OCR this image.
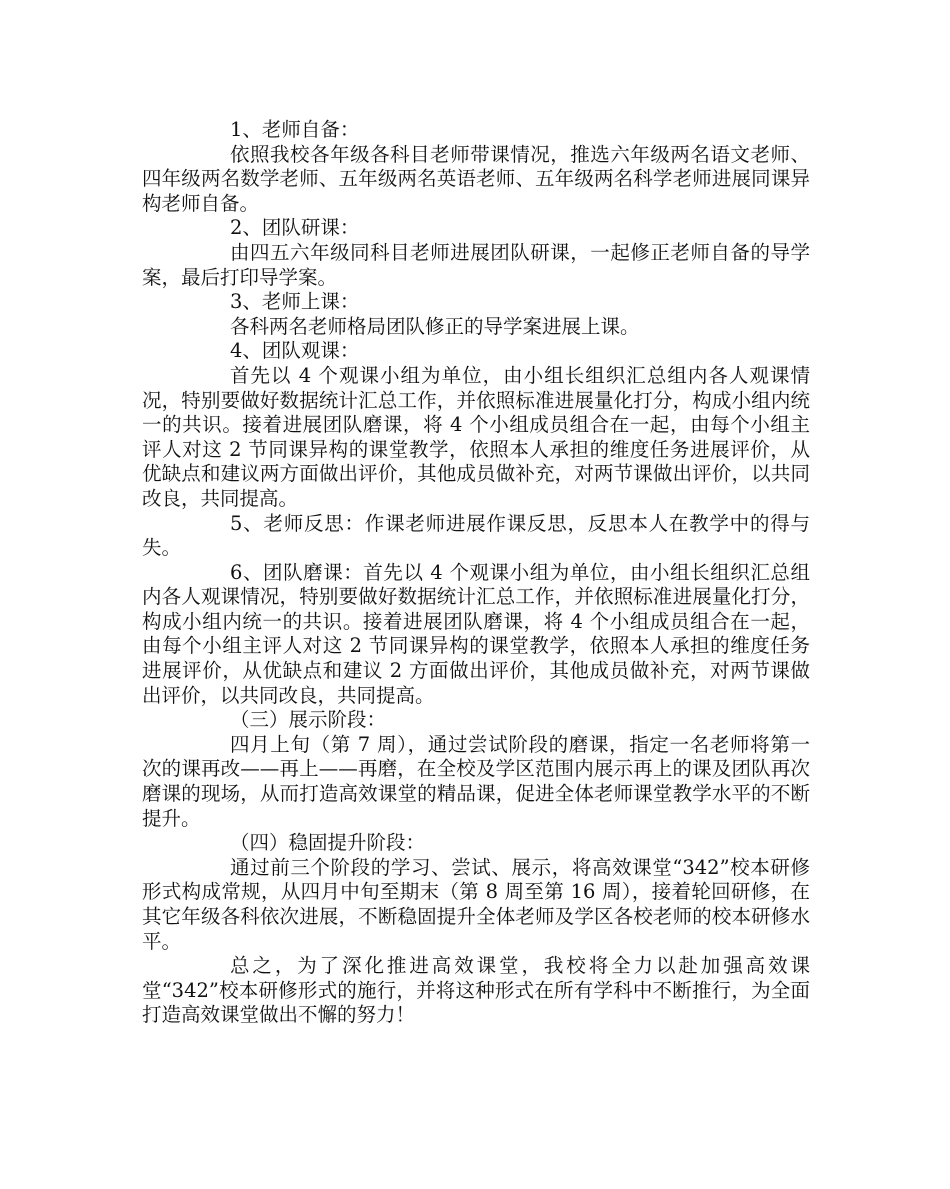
1、老师自备：

依照我校各年级各科目老师带课情况，推选六年级两名语文老师、四年级两名数学老师、五年级两名英语老师、五年级两名科学老师进展同课异构老师自备。

2、团队研课：

由四五六年级同科目老师进展团队研课，一起修正老师自备的导学案，最后打印导学案。

3、老师上课：

各科两名老师格局团队修正的导学案进展上课。

4、团队观课：

首先以 4 个观课小组为单位，由小组长组织汇总组内各人观课情况，特别要做好数据统计汇总工作，并依照标准进展量化打分，构成小组内统一的共识。接着进展团队磨课，将 4 个小组成员组合在一起，由每个小组主评人对这 2 节同课异构的课堂教学，依照本人承担的维度任务进展评价，从优缺点和建议两方面做出评价，其他成员做补充，对两节课做出评价，以共同改良，共同提高。

5、老师反思：作课老师进展作课反思，反思本人在教学中的得与失。

6、团队磨课：首先以 4 个观课小组为单位，由小组长组织汇总组内各人观课情况，特别要做好数据统计汇总工作，并依照标准进展量化打分，构成小组内统一的共识。接着进展团队磨课，将 4 个小组成员组合在一起，由每个小组主评人对这 2 节同课异构的课堂教学，依照本人承担的维度任务进展评价，从优缺点和建议 2 方面做出评价，其他成员做补充，对两节课做出评价，以共同改良，共同提高。

（三）展示阶段：

四月上旬（第 7 周），通过尝试阶段的磨课，指定一名老师将第一次的课再改——再上——再磨，在全校及学区范围内展示再上的课及团队再次磨课的现场，从而打造高效课堂的精品课，促进全体老师课堂教学水平的不断提升。

（四）稳固提升阶段：

通过前三个阶段的学习、尝试、展示，将高效课堂“342”校本研修形式构成常规，从四月中旬至期末（第 8 周至第 16 周），接着轮回研修，在其它年级各科依次进展，不断稳固提升全体老师及学区各校老师的校本研修水平。

总之，为了深化推进高效课堂，我校将全力以赴加强高效课堂“342”校本研修形式的施行，并将这种形式在所有学科中不断推行，为全面打造高效课堂做出不懈的努力！
